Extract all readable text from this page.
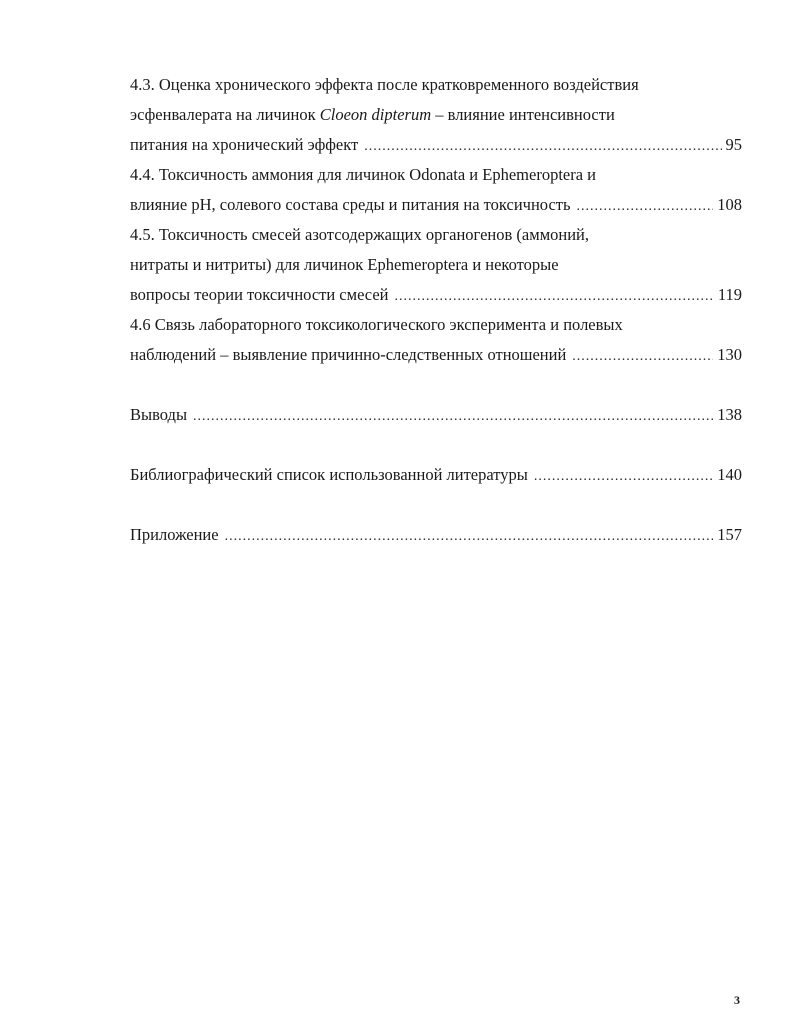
4.3. Оценка хронического эффекта после кратковременного воздействия
эсфенвалерата на личинок Cloeon dipterum – влияние интенсивности
питания на хронический эффект .....	95
4.4. Токсичность аммония для личинок Odonata и Ephemeroptera и
влияние pH, солевого состава среды и питания на токсичность .....	108
4.5. Токсичность смесей азотсодержащих органогенов (аммоний,
нитраты и нитриты) для личинок Ephemeroptera и некоторые
вопросы теории токсичности смесей .....	119
4.6 Связь лабораторного токсикологического эксперимента и полевых
наблюдений – выявление причинно-следственных отношений .....	130
Выводы .....	138
Библиографический список использованной литературы .....	140
Приложение .....	157
3
